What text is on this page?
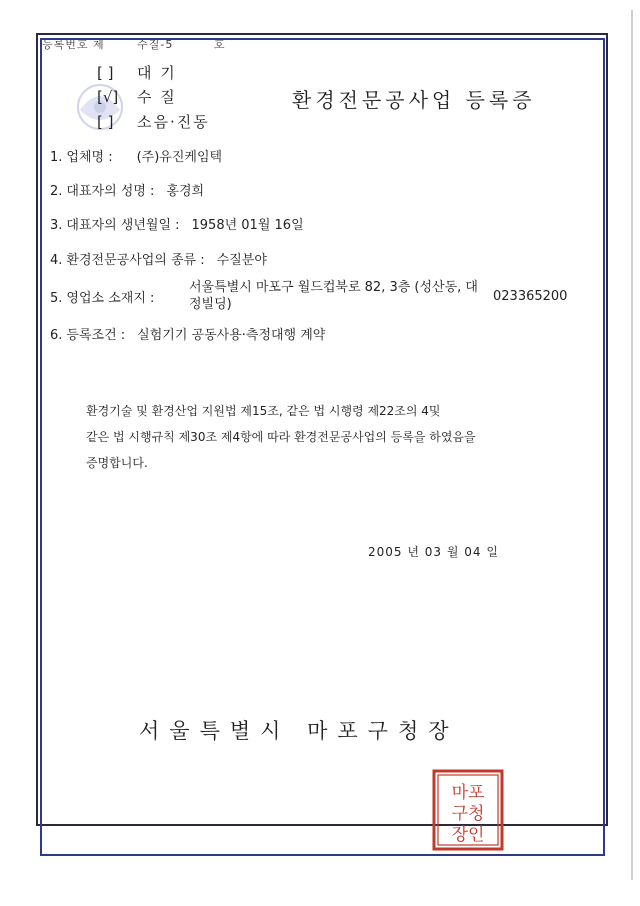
등록번호 제	수질-5	호
[ ] 대 기
[√] 수 질
[ ] 소음·진동
환경전문공사업 등록증
1. 업체명 : (주)유진케임텍
2. 대표자의 성명 : 홍경희
3. 대표자의 생년월일 : 1958년 01월 16일
4. 환경전문공사업의 종류 : 수질분야
5. 영업소 소재지 :
서울특별시 마포구 월드컵북로 82, 3층 (성산동, 대정빌딩)
023365200
6. 등록조건 : 실험기기 공동사용·측정대행 계약
환경기술 및 환경산업 지원법 제15조, 같은 법 시행령 제22조의 4및
같은 법 시행규칙 제30조 제4항에 따라 환경전문공사업의 등록을 하였음을
증명합니다.
2005 년 03 월 04 일
서울특별시 마포구청장
마포
구청
장인
